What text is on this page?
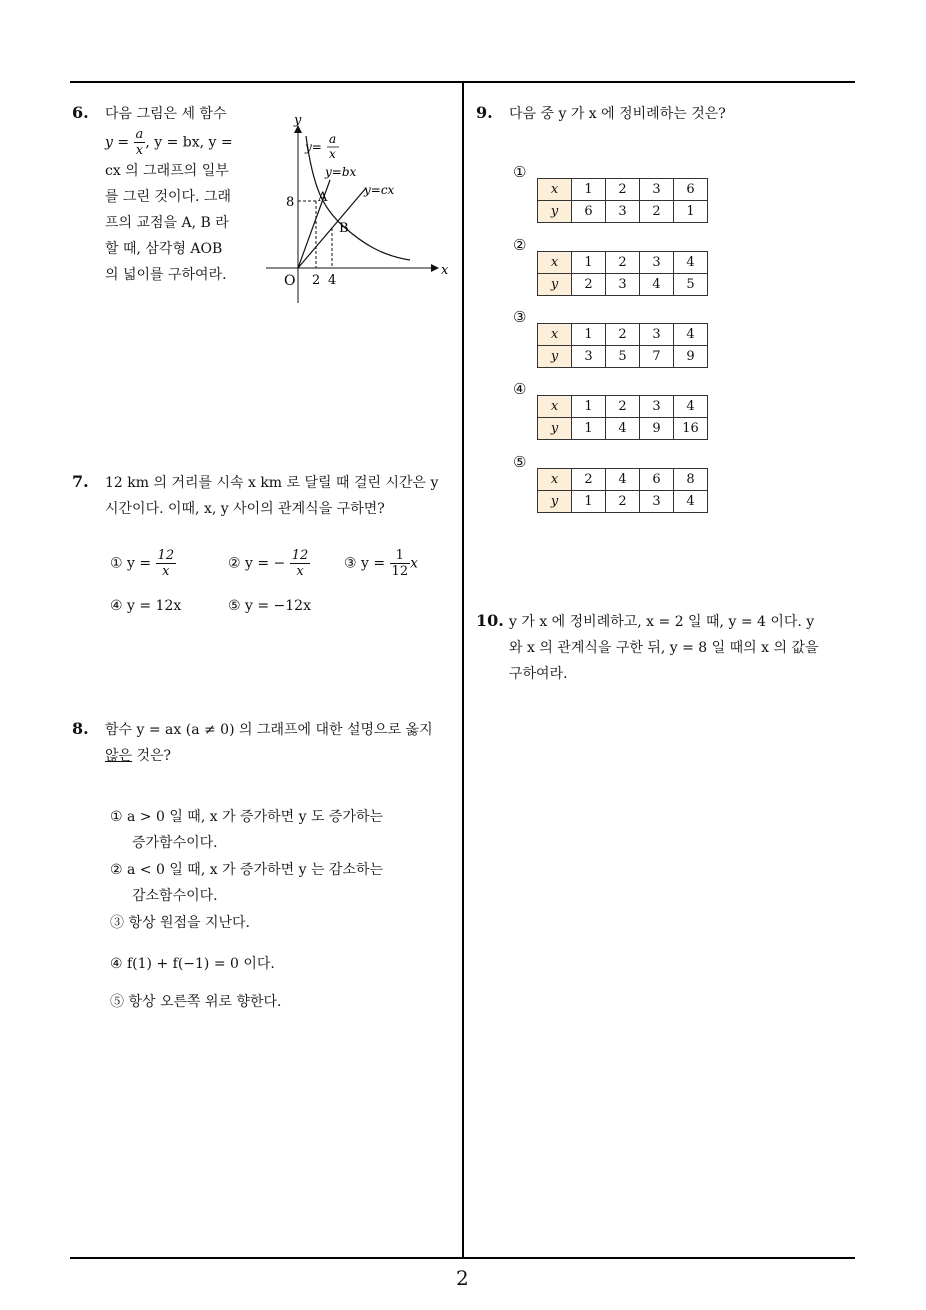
2
6. 다음 그림은 세 함수
$y = \frac{a}{x}$ , y = bx, y =
cx 의 그래프의 일부
를 그린 것이다. 그래
프의 교점을 A, B 라
할 때, 삼각형 AOB
의 넓이를 구하여라.
y
x
O
8
2 4
A
B
y=
a
x
y=bx
y=cx
7. 12 km 의 거리를 시속 x km 로 달릴 때 걸린 시간은 y
시간이다. 이때, x, y 사이의 관계식을 구하면?
① $y = \frac{12}{x}$	② y = − $\frac{12}{x}$ ③ $y = \frac{1}{12}$ x
④ y = 12x	⑤ y = −12x
8. 함수 y = ax (a ≠ 0) 의 그래프에 대한 설명으로 옳지
않은 것은?
① a > 0 일 때, x 가 증가하면 y 도 증가하는
증가함수이다.
② a < 0 일 때, x 가 증가하면 y 는 감소하는
감소함수이다.
③ 항상 원점을 지난다.
④ f(1) + f(−1) = 0 이다.
⑤ 항상 오른쪽 위로 향한다.
9. 다음 중 y 가 x 에 정비례하는 것은?
①
x	1	2	3	6
y	6	3	2	1
②
x	1	2	3	4
y	2	3	4	5
③
x	1	2	3	4
y	3	5	7	9
④
x	1	2	3	4
y	1	4	9	16
⑤
x	2	4	6	8
y	1	2	3	4
10. y 가 x 에 정비례하고, x = 2 일 때, y = 4 이다. y
와 x 의 관계식을 구한 뒤, y = 8 일 때의 x 의 값을
구하여라.
